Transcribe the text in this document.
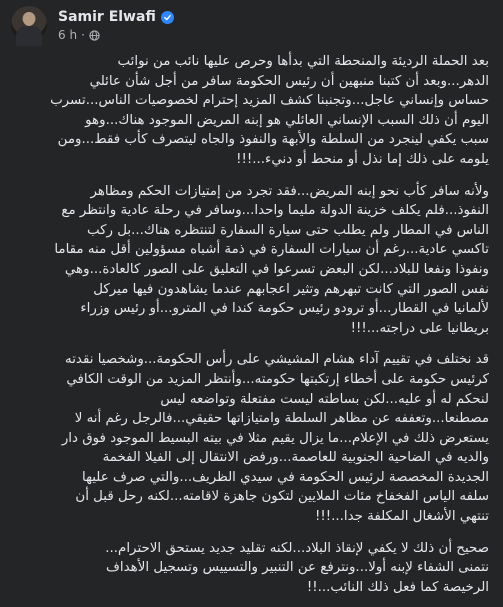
Samir Elwafi
6 h ·

بعد الحملة الرديئة والمنحطة التي بدأها وحرص عليها نائب من نوائب
الدهر...وبعد أن كتبنا منبهين أن رئيس الحكومة سافر من أجل شأن عائلي
حساس وإنساني عاجل...وتجنبنا كشف المزيد إحترام لخصوصيات الناس...تسرب
اليوم أن ذلك السبب الإنساني العائلي هو إبنه المريض الموجود هناك...وهو
سبب يكفي لينجرد من السلطة والأبهة والنفوذ والجاه ليتصرف كأب فقط...ومن
يلومه على ذلك إما نذل أو منحط أو دنيء...!!!

ولأنه سافر كأب نحو إبنه المريض...فقد تجرد من إمتيازات الحكم ومظاهر
النفوذ...فلم يكلف خزينة الدولة مليما واحدا...وسافر في رحلة عادية وانتظر مع
الناس في المطار ولم يطلب حتى سيارة السفارة لتنتظره هناك...بل ركب
تاكسي عادية...رغم أن سيارات السفارة في ذمة أشباه مسؤولين أقل منه مقاما
ونفوذا ونفعا للبلاد...لكن البعض تسرعوا في التعليق على الصور كالعادة...وهي
نفس الصور التي كانت تبهرهم وتثير اعجابهم عندما يشاهدون فيها ميركل
لألمانيا في القطار...أو ترودو رئيس حكومة كندا في المترو...أو رئيس وزراء
بريطانيا على دراجته...!!!

قد نختلف في تقييم آداء هشام المشيشي على رأس الحكومة...وشخصيا نقدته
كرئيس حكومة على أخطاء إرتكبتها حكومته...وأنتظر المزيد من الوقت الكافي
لنحكم له أو عليه...لكن بساطته ليست مفتعلة وتواضعه ليس
مصطنعا...وتعففه عن مظاهر السلطة وامتيازاتها حقيقي...فالرجل رغم أنه لا
يستعرض ذلك في الإعلام...ما يزال يقيم مثلا في بيته البسيط الموجود فوق دار
والديه في الضاحية الجنوبية للعاصمة...ورفض الانتقال إلى الفيلا الفخمة
الجديدة المخصصة لرئيس الحكومة في سيدي الظريف...والتي صرف عليها
سلفه الياس الفخفاخ مئات الملايين لتكون جاهزة لاقامته...لكنه رحل قبل أن
تنتهي الأشغال المكلفة جدا...!!!

صحيح أن ذلك لا يكفي لإنقاذ البلاد...لكنه تقليد جديد يستحق الاحترام...
نتمنى الشفاء لإبنه أولا...ونترفع عن التنبير والتسييس وتسجيل الأهداف
الرخيصة كما فعل ذلك النائب...!!
